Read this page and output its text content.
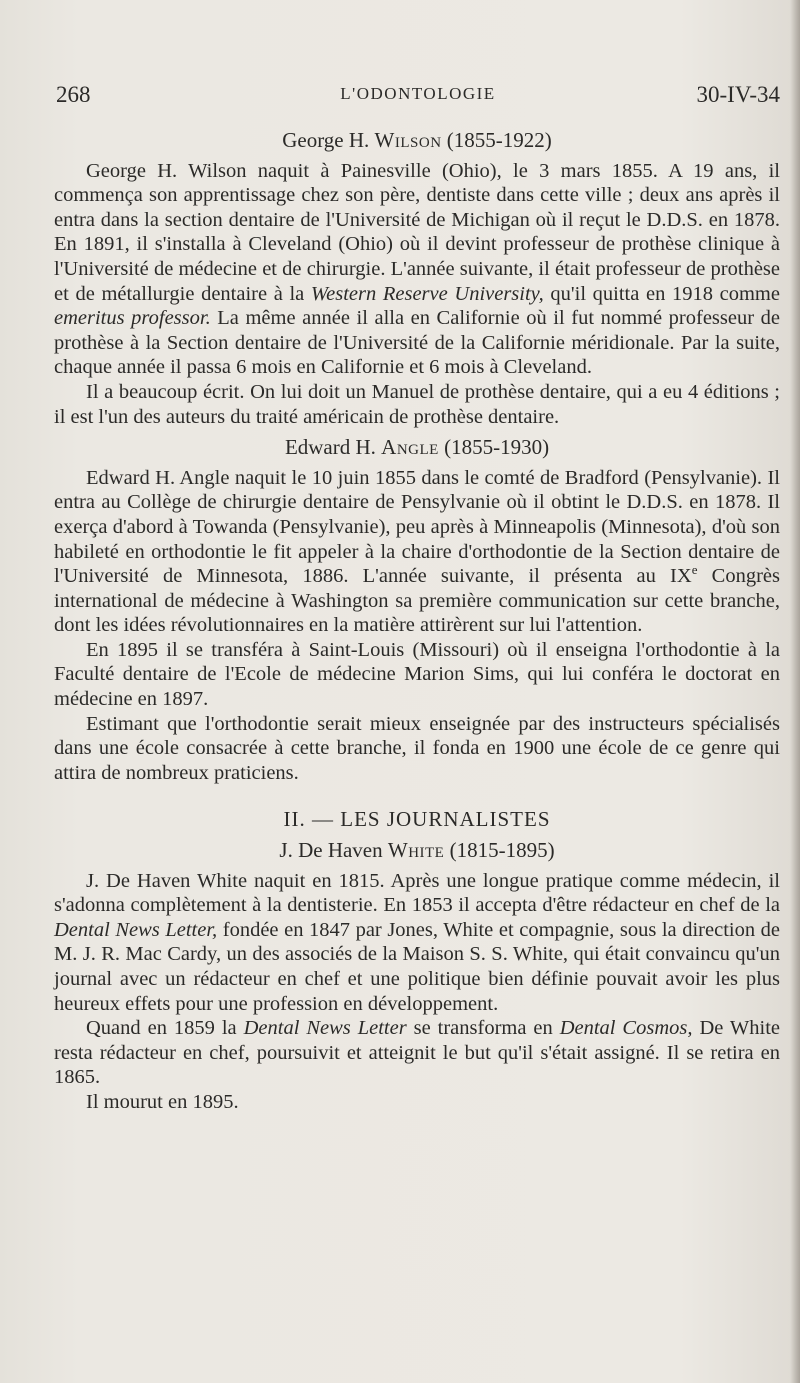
268	L'ODONTOLOGIE	30-IV-34
George H. Wilson (1855-1922)

George H. Wilson naquit à Painesville (Ohio), le 3 mars 1855. A 19 ans, il commença son apprentissage chez son père, dentiste dans cette ville ; deux ans après il entra dans la section dentaire de l'Université de Michigan où il reçut le D.D.S. en 1878. En 1891, il s'installa à Cleveland (Ohio) où il devint professeur de prothèse clinique à l'Université de médecine et de chirurgie. L'année suivante, il était professeur de prothèse et de métallurgie dentaire à la Western Reserve University, qu'il quitta en 1918 comme emeritus professor. La même année il alla en Californie où il fut nommé professeur de prothèse à la Section dentaire de l'Université de la Californie méridionale. Par la suite, chaque année il passa 6 mois en Californie et 6 mois à Cleveland.

Il a beaucoup écrit. On lui doit un Manuel de prothèse dentaire, qui a eu 4 éditions ; il est l'un des auteurs du traité américain de prothèse dentaire.

Edward H. Angle (1855-1930)

Edward H. Angle naquit le 10 juin 1855 dans le comté de Bradford (Pensylvanie). Il entra au Collège de chirurgie dentaire de Pensylvanie où il obtint le D.D.S. en 1878. Il exerça d'abord à Towanda (Pensylvanie), peu après à Minneapolis (Minnesota), d'où son habileté en orthodontie le fit appeler à la chaire d'orthodontie de la Section dentaire de l'Université de Minnesota, 1886. L'année suivante, il présenta au IXe Congrès international de médecine à Washington sa première communication sur cette branche, dont les idées révolutionnaires en la matière attirèrent sur lui l'attention.

En 1895 il se transféra à Saint-Louis (Missouri) où il enseigna l'orthodontie à la Faculté dentaire de l'Ecole de médecine Marion Sims, qui lui conféra le doctorat en médecine en 1897.

Estimant que l'orthodontie serait mieux enseignée par des instructeurs spécialisés dans une école consacrée à cette branche, il fonda en 1900 une école de ce genre qui attira de nombreux praticiens.

II. — LES JOURNALISTES
J. De Haven White (1815-1895)

J. De Haven White naquit en 1815. Après une longue pratique comme médecin, il s'adonna complètement à la dentisterie. En 1853 il accepta d'être rédacteur en chef de la Dental News Letter, fondée en 1847 par Jones, White et compagnie, sous la direction de M. J. R. Mac Cardy, un des associés de la Maison S. S. White, qui était convaincu qu'un journal avec un rédacteur en chef et une politique bien définie pouvait avoir les plus heureux effets pour une profession en développement.

Quand en 1859 la Dental News Letter se transforma en Dental Cosmos, De White resta rédacteur en chef, poursuivit et atteignit le but qu'il s'était assigné. Il se retira en 1865.

Il mourut en 1895.
